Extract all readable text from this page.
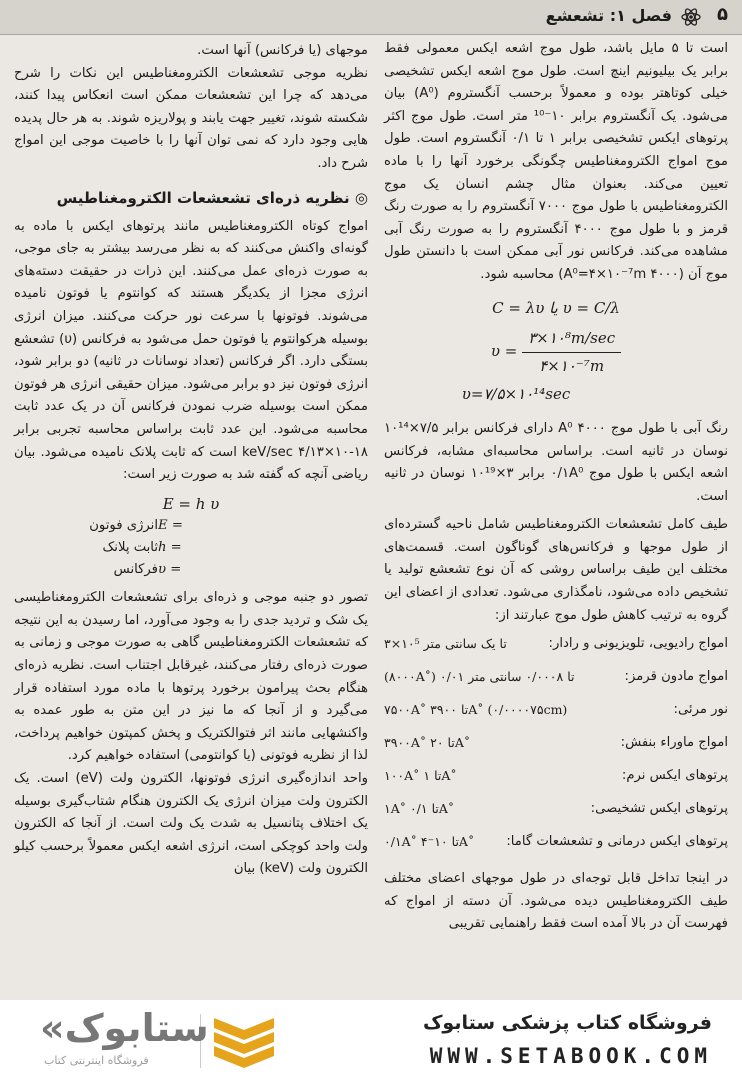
فصل ۱: تشعشع	۵

است تا ۵ مایل باشد، طول موج اشعه ایکس معمولی فقط برابر یک بیلیونیم اینچ است. طول موج اشعه ایکس تشخیصی خیلی کوتاهتر بوده و معمولاً برحسب آنگستروم (A⁰) بیان می‌شود. یک آنگستروم برابر ۱۰⁻¹⁰ متر است. طول موج اکثر پرتوهای ایکس تشخیصی برابر ۱ تا ۰/۱ آنگستروم است. طول موج امواج الکترومغناطیس چگونگی برخورد آنها را با ماده تعیین می‌کند. بعنوان مثال چشم انسان یک موج الکترومغناطیس با طول موج ۷۰۰۰ آنگستروم را به صورت رنگ قرمز و با طول موج ۴۰۰۰ آنگستروم را به صورت رنگ آبی مشاهده می‌کند. فرکانس نور آبی ممکن است با دانستن طول موج آن (A⁰=۴×۱۰⁻⁷m ۴۰۰۰) محاسبه شود.

C = λυ یا υ = C/λ

$\upsilon = \frac{\text{۳×۱۰⁸m/sec}}{\text{۴×۱۰⁻⁷m}}$

υ=۷/۵×۱۰¹⁴sec

رنگ آبی با طول موج A⁰ ۴۰۰۰ دارای فرکانس برابر ۷/۵×۱۰¹⁴ نوسان در ثانیه است. براساس محاسبه‌ای مشابه، فرکانس اشعه ایکس با طول موج ۰/۱A⁰ برابر ۳×۱۰¹⁹ نوسان در ثانیه است.

طیف کامل تشعشعات الکترومغناطیس شامل ناحیه گسترده‌ای از طول موجها و فرکانس‌های گوناگون است. قسمت‌های مختلف این طیف براساس روشی که آن نوع تشعشع تولید یا تشخیص داده می‌شود، نامگذاری می‌شود. تعدادی از اعضای این گروه به ترتیب کاهش طول موج عبارتند از:

امواج رادیویی، تلویزیونی و رادار:
۳×۱۰⁵ تا یک سانتی متر
امواج مادون قرمز:
(۸۰۰۰A˚) ۰/۰۱ تا ۰/۰۰۰۸ سانتی متر
نور مرئی:
۷۵۰۰A˚ تا ۳۹۰۰A˚ (۰/۰۰۰۰۷۵cm)
امواج ماوراء بنفش:
۳۹۰۰A˚ تا ۲۰A˚
پرتوهای ایکس نرم:
۱۰۰A˚ تا ۱A˚
پرتوهای ایکس تشخیصی:
۱A˚ تا ۰/۱A˚
پرتوهای ایکس درمانی و تشعشعات گاما:
۰/۱A˚ تا ۱۰⁻۴A˚

در اینجا تداخل قابل توجه‌ای در طول موجهای اعضای مختلف طیف الکترومغناطیس دیده می‌شود. آن دسته از امواج که فهرست آن در بالا آمده است فقط راهنمایی تقریبی

موجهای (یا فرکانس) آنها است.

نظریه موجی تشعشعات الکترومغناطیس این نکات را شرح می‌دهد که چرا این تشعشعات ممکن است انعکاس پیدا کنند، شکسته شوند، تغییر جهت یابند و پولاریزه شوند. به هر حال پدیده هایی وجود دارد که نمی توان آنها را با خاصیت موجی این امواج شرح داد.

◎ نظریه ذره‌ای تشعشعات الکترومغناطیس

امواج کوتاه الکترومغناطیس مانند پرتوهای ایکس با ماده به گونه‌ای واکنش می‌کنند که به نظر می‌رسد بیشتر به جای موجی، به صورت ذره‌ای عمل می‌کنند. این ذرات در حقیقت دسته‌های انرژی مجزا از یکدیگر هستند که کوانتوم یا فوتون نامیده می‌شوند. فوتونها با سرعت نور حرکت می‌کنند. میزان انرژی بوسیله هرکوانتوم یا فوتون حمل می‌شود به فرکانس (υ) تشعشع بستگی دارد. اگر فرکانس (تعداد نوسانات در ثانیه) دو برابر شود، انرژی فوتون نیز دو برابر می‌شود. میزان حقیقی انرژی هر فوتون ممکن است بوسیله ضرب نمودن فرکانس آن در یک عدد ثابت محاسبه می‌شود. این عدد ثابت براساس محاسبه تجربی برابر ۱۸-۱۰×۴/۱۳ keV/sec است که ثابت پلانک نامیده می‌شود. بیان ریاضی آنچه که گفته شد به صورت زیر است:

E = h υ

E =انرژی فوتون

h =ثابت پلانک

υ =فرکانس

تصور دو جنبه موجی و ذره‌ای برای تشعشعات الکترومغناطیسی یک شک و تردید جدی را به وجود می‌آورد، اما رسیدن به این نتیجه که تشعشعات الکترومغناطیس گاهی به صورت موجی و زمانی به صورت ذره‌ای رفتار می‌کنند، غیرقابل اجتناب است. نظریه ذره‌ای هنگام بحث پیرامون برخورد پرتوها با ماده مورد استفاده قرار می‌گیرد و از آنجا که ما نیز در این متن به طور عمده به واکنشهایی مانند اثر فتوالکتریک و پخش کمپتون خواهیم پرداخت، لذا از نظریه فوتونی (یا کوانتومی) استفاده خواهیم کرد.

واحد اندازه‌گیری انرژی فوتونها، الکترون ولت (eV) است. یک الکترون ولت میزان انرژی یک الکترون هنگام شتاب‌گیری بوسیله یک اختلاف پتانسیل به شدت یک ولت است. از آنجا که الکترون ولت واحد کوچکی است، انرژی اشعه ایکس معمولاً برحسب کیلو الکترون ولت (keV) بیان

فروشگاه کتاب پزشکی ستابوک
WWW.SETABOOK.COM
«ستابوک
فروشگاه اینترنتی کتاب
